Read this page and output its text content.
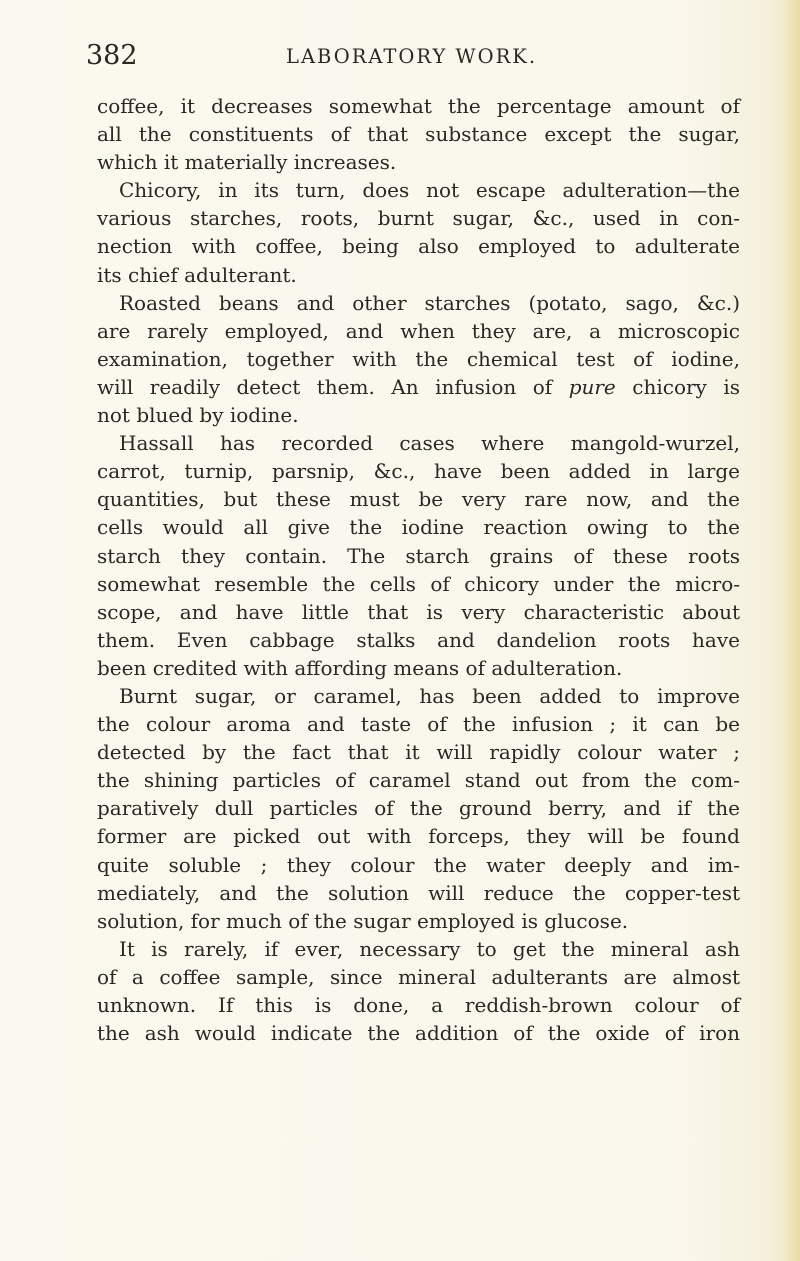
382	LABORATORY WORK.
coffee, it decreases somewhat the percentage amount of
all the constituents of that substance except the sugar,
which it materially increases.
Chicory, in its turn, does not escape adulteration—the
various starches, roots, burnt sugar, &c., used in con-
nection with coffee, being also employed to adulterate
its chief adulterant.
Roasted beans and other starches (potato, sago, &c.)
are rarely employed, and when they are, a microscopic
examination, together with the chemical test of iodine,
will readily detect them. An infusion of pure chicory is
not blued by iodine.
Hassall has recorded cases where mangold-wurzel,
carrot, turnip, parsnip, &c., have been added in large
quantities, but these must be very rare now, and the
cells would all give the iodine reaction owing to the
starch they contain. The starch grains of these roots
somewhat resemble the cells of chicory under the micro-
scope, and have little that is very characteristic about
them. Even cabbage stalks and dandelion roots have
been credited with affording means of adulteration.
Burnt sugar, or caramel, has been added to improve
the colour aroma and taste of the infusion ; it can be
detected by the fact that it will rapidly colour water ;
the shining particles of caramel stand out from the com-
paratively dull particles of the ground berry, and if the
former are picked out with forceps, they will be found
quite soluble ; they colour the water deeply and im-
mediately, and the solution will reduce the copper-test
solution, for much of the sugar employed is glucose.
It is rarely, if ever, necessary to get the mineral ash
of a coffee sample, since mineral adulterants are almost
unknown. If this is done, a reddish-brown colour of
the ash would indicate the addition of the oxide of iron
